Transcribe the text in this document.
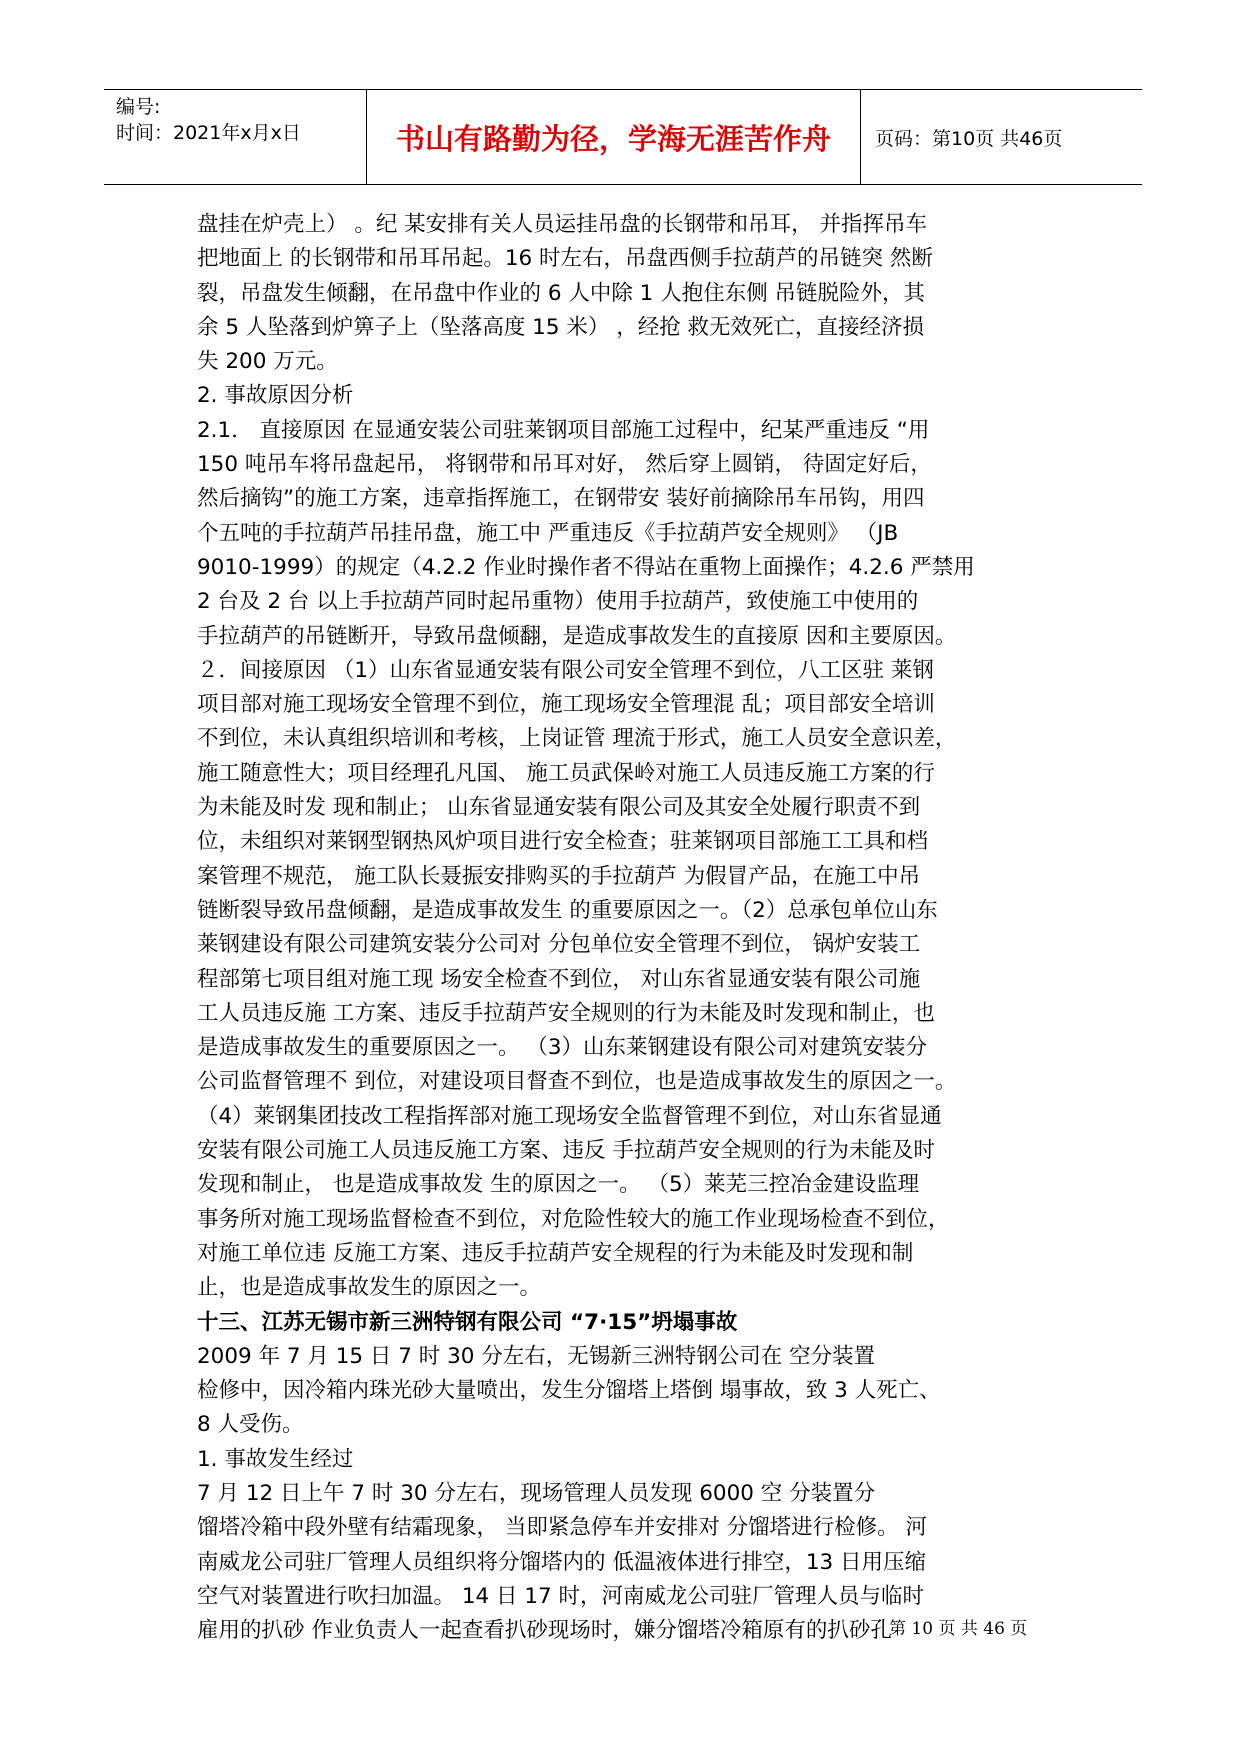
编号:
时间：2021年x月x日	书山有路勤为径，学海无涯苦作舟	页码：第10页 共46页
盘挂在炉壳上） 。纪 某安排有关人员运挂吊盘的长钢带和吊耳， 并指挥吊车
把地面上 的长钢带和吊耳吊起。16 时左右，吊盘西侧手拉葫芦的吊链突 然断
裂，吊盘发生倾翻，在吊盘中作业的 6 人中除 1 人抱住东侧 吊链脱险外，其
余 5 人坠落到炉箅子上（坠落高度 15 米） ，经抢 救无效死亡，直接经济损
失 200 万元。
2. 事故原因分析
2.1． 直接原因 在显通安装公司驻莱钢项目部施工过程中，纪某严重违反 “用
150 吨吊车将吊盘起吊， 将钢带和吊耳对好， 然后穿上圆销， 待固定好后，
然后摘钩”的施工方案，违章指挥施工，在钢带安 装好前摘除吊车吊钩，用四
个五吨的手拉葫芦吊挂吊盘，施工中 严重违反《手拉葫芦安全规则》 （JB
9010-1999）的规定（4.2.2 作业时操作者不得站在重物上面操作；4.2.6 严禁用
2 台及 2 台 以上手拉葫芦同时起吊重物）使用手拉葫芦，致使施工中使用的
手拉葫芦的吊链断开，导致吊盘倾翻，是造成事故发生的直接原 因和主要原因。
２．间接原因 （1）山东省显通安装有限公司安全管理不到位，八工区驻 莱钢
项目部对施工现场安全管理不到位，施工现场安全管理混 乱；项目部安全培训
不到位，未认真组织培训和考核，上岗证管 理流于形式，施工人员安全意识差，
施工随意性大；项目经理孔凡国、 施工员武保岭对施工人员违反施工方案的行
为未能及时发 现和制止； 山东省显通安装有限公司及其安全处履行职责不到
位，未组织对莱钢型钢热风炉项目进行安全检查；驻莱钢项目部施工工具和档
案管理不规范， 施工队长聂振安排购买的手拉葫芦 为假冒产品，在施工中吊
链断裂导致吊盘倾翻，是造成事故发生 的重要原因之一。（2）总承包单位山东
莱钢建设有限公司建筑安装分公司对 分包单位安全管理不到位， 锅炉安装工
程部第七项目组对施工现 场安全检查不到位， 对山东省显通安装有限公司施
工人员违反施 工方案、违反手拉葫芦安全规则的行为未能及时发现和制止，也
是造成事故发生的重要原因之一。 （3）山东莱钢建设有限公司对建筑安装分
公司监督管理不 到位，对建设项目督查不到位，也是造成事故发生的原因之一。
（4）莱钢集团技改工程指挥部对施工现场安全监督管理不到位，对山东省显通
安装有限公司施工人员违反施工方案、违反 手拉葫芦安全规则的行为未能及时
发现和制止， 也是造成事故发 生的原因之一。 （5）莱芜三控冶金建设监理
事务所对施工现场监督检查不到位，对危险性较大的施工作业现场检查不到位，
对施工单位违 反施工方案、违反手拉葫芦安全规程的行为未能及时发现和制
止，也是造成事故发生的原因之一。
十三、江苏无锡市新三洲特钢有限公司 “7·15”坍塌事故
2009 年 7 月 15 日 7 时 30 分左右，无锡新三洲特钢公司在 空分装置
检修中，因冷箱内珠光砂大量喷出，发生分馏塔上塔倒 塌事故，致 3 人死亡、
8 人受伤。
1. 事故发生经过
7 月 12 日上午 7 时 30 分左右，现场管理人员发现 6000 空 分装置分
馏塔冷箱中段外壁有结霜现象， 当即紧急停车并安排对 分馏塔进行检修。 河
南威龙公司驻厂管理人员组织将分馏塔内的 低温液体进行排空，13 日用压缩
空气对装置进行吹扫加温。 14 日 17 时，河南威龙公司驻厂管理人员与临时
雇用的扒砂 作业负责人一起查看扒砂现场时，嫌分馏塔冷箱原有的扒砂孔
第 10 页 共 46 页
